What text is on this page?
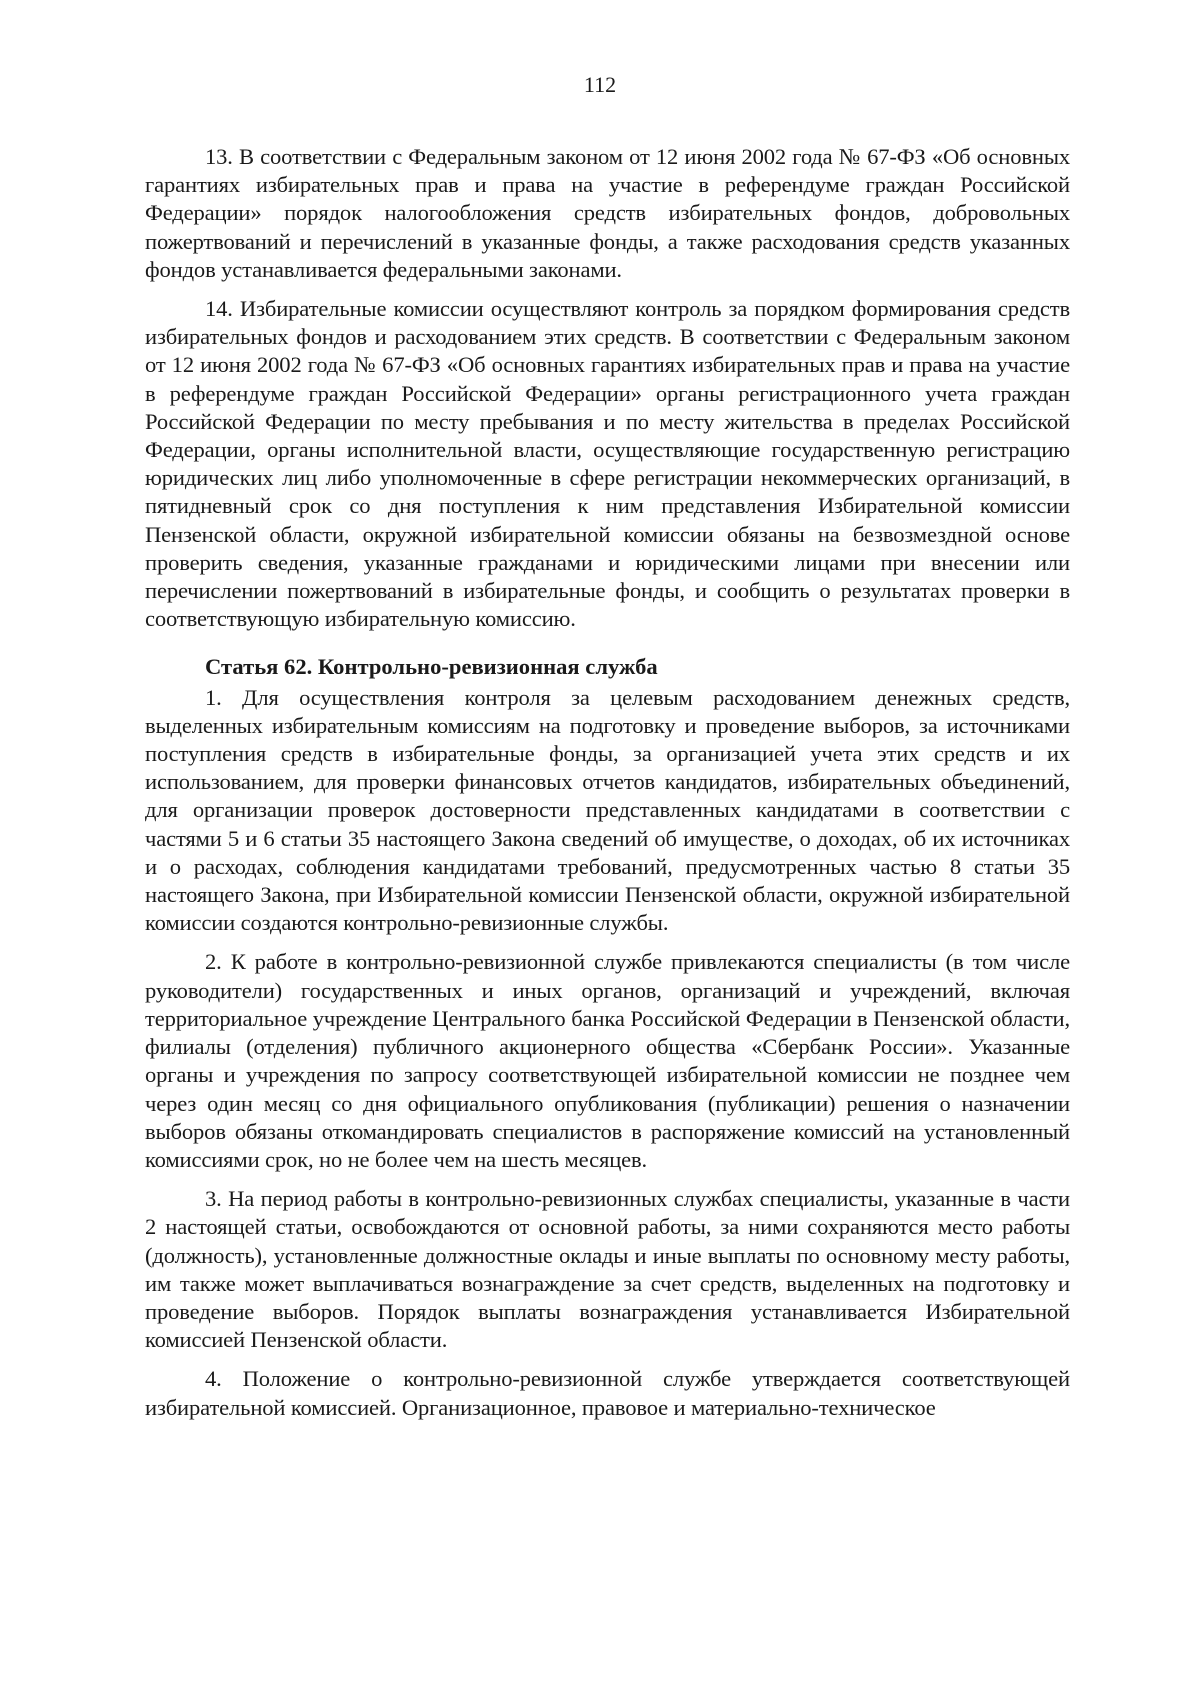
112

13. В соответствии с Федеральным законом от 12 июня 2002 года № 67-ФЗ «Об основных гарантиях избирательных прав и права на участие в референдуме граждан Российской Федерации» порядок налогообложения средств избирательных фондов, добровольных пожертвований и перечислений в указанные фонды, а также расходования средств указанных фондов устанавливается федеральными законами.

14. Избирательные комиссии осуществляют контроль за порядком формирования средств избирательных фондов и расходованием этих средств. В соответствии с Федеральным законом от 12 июня 2002 года № 67-ФЗ «Об основных гарантиях избирательных прав и права на участие в референдуме граждан Российской Федерации» органы регистрационного учета граждан Российской Федерации по месту пребывания и по месту жительства в пределах Российской Федерации, органы исполнительной власти, осуществляющие государственную регистрацию юридических лиц либо уполномоченные в сфере регистрации некоммерческих организаций, в пятидневный срок со дня поступления к ним представления Избирательной комиссии Пензенской области, окружной избирательной комиссии обязаны на безвозмездной основе проверить сведения, указанные гражданами и юридическими лицами при внесении или перечислении пожертвований в избирательные фонды, и сообщить о результатах проверки в соответствующую избирательную комиссию.

Статья 62. Контрольно-ревизионная служба

1. Для осуществления контроля за целевым расходованием денежных средств, выделенных избирательным комиссиям на подготовку и проведение выборов, за источниками поступления средств в избирательные фонды, за организацией учета этих средств и их использованием, для проверки финансовых отчетов кандидатов, избирательных объединений, для организации проверок достоверности представленных кандидатами в соответствии с частями 5 и 6 статьи 35 настоящего Закона сведений об имуществе, о доходах, об их источниках и о расходах, соблюдения кандидатами требований, предусмотренных частью 8 статьи 35 настоящего Закона, при Избирательной комиссии Пензенской области, окружной избирательной комиссии создаются контрольно-ревизионные службы.

2. К работе в контрольно-ревизионной службе привлекаются специалисты (в том числе руководители) государственных и иных органов, организаций и учреждений, включая территориальное учреждение Центрального банка Российской Федерации в Пензенской области, филиалы (отделения) публичного акционерного общества «Сбербанк России». Указанные органы и учреждения по запросу соответствующей избирательной комиссии не позднее чем через один месяц со дня официального опубликования (публикации) решения о назначении выборов обязаны откомандировать специалистов в распоряжение комиссий на установленный комиссиями срок, но не более чем на шесть месяцев.

3. На период работы в контрольно-ревизионных службах специалисты, указанные в части 2 настоящей статьи, освобождаются от основной работы, за ними сохраняются место работы (должность), установленные должностные оклады и иные выплаты по основному месту работы, им также может выплачиваться вознаграждение за счет средств, выделенных на подготовку и проведение выборов. Порядок выплаты вознаграждения устанавливается Избирательной комиссией Пензенской области.

4. Положение о контрольно-ревизионной службе утверждается соответствующей избирательной комиссией. Организационное, правовое и материально-техническое
